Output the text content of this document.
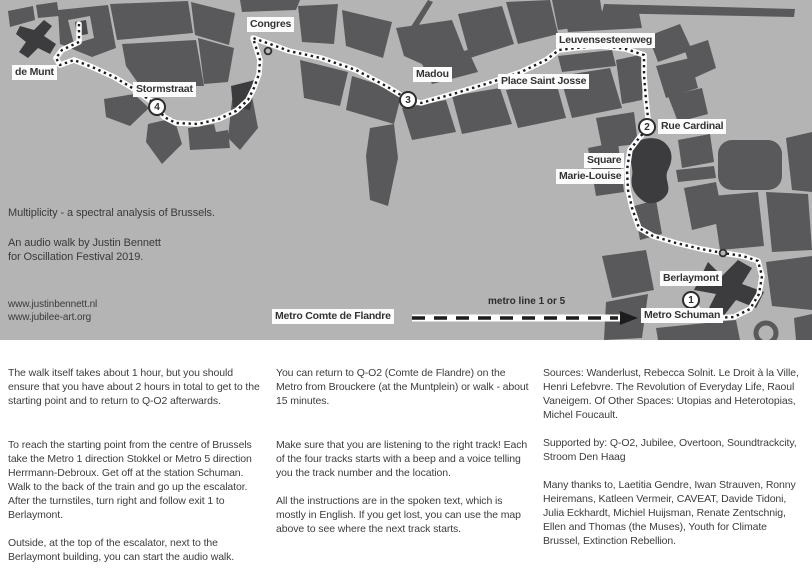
1
2
3
4
de Munt
Stormstraat
Congres
Madou
Place Saint Josse
Leuvensesteenweg
Rue Cardinal
Square
Marie-Louise
Berlaymont
Metro Schuman
Metro Comte de Flandre
metro line 1 or 5
Multiplicity - a spectral analysis of Brussels.
An audio walk by Justin Bennett
for Oscillation Festival 2019.
www.justinbennett.nl
www.jubilee-art.org

The walk itself takes about 1 hour, but you should ensure that you have about 2 hours in total to get to the starting point and to return to Q-O2 afterwards.

To reach the starting point from the centre of Brussels take the Metro 1 direction Stokkel or Metro 5 direction Herrmann-Debroux. Get off at the station Schuman. Walk to the back of the train and go up the escalator. After the turnstiles, turn right and follow exit 1 to Berlaymont.

Outside, at the top of the escalator, next to the Berlaymont building, you can start the audio walk.

You can return to Q-O2 (Comte de Flandre) on the Metro from Brouckere (at the Muntplein) or walk - about 15 minutes.

Make sure that you are listening to the right track! Each of the four tracks starts with a beep and a voice telling you the track number and the location.

All the instructions are in the spoken text, which is mostly in English. If you get lost, you can use the map above to see where the next track starts.

Sources: Wanderlust, Rebecca Solnit. Le Droit à la Ville, Henri Lefebvre. The Revolution of Everyday Life, Raoul Vaneigem. Of Other Spaces: Utopias and Heterotopias, Michel Foucault.

Supported by: Q-O2, Jubilee, Overtoon, Soundtrackcity, Stroom Den Haag

Many thanks to, Laetitia Gendre, Iwan Strauven, Ronny Heiremans, Katleen Vermeir, CAVEAT, Davide Tidoni, Julia Eckhardt, Michiel Huijsman, Renate Zentschnig, Ellen and Thomas (the Muses), Youth for Climate Brussel, Extinction Rebellion.
